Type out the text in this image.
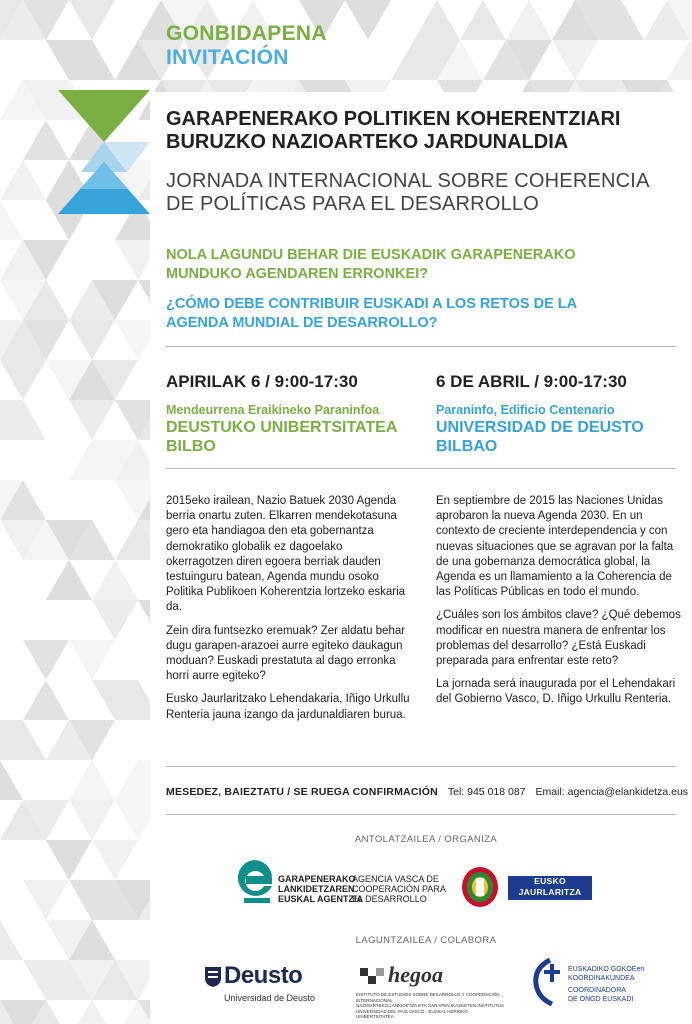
GONBIDAPENA
INVITACIÓN
GARAPENERAKO POLITIKEN KOHERENTZIARI
BURUZKO NAZIOARTEKO JARDUNALDIA
JORNADA INTERNACIONAL SOBRE COHERENCIA
DE POLÍTICAS PARA EL DESARROLLO
NOLA LAGUNDU BEHAR DIE EUSKADIK GARAPENERAKO
MUNDUKO AGENDAREN ERRONKEI?
¿CÓMO DEBE CONTRIBUIR EUSKADI A LOS RETOS DE LA
AGENDA MUNDIAL DE DESARROLLO?
APIRILAK 6 / 9:00-17:30	6 DE ABRIL / 9:00-17:30
Mendeurrena Eraikineko Paraninfoa	Paraninfo, Edificio Centenario
DEUSTUKO UNIBERTSITATEA
BILBO
UNIVERSIDAD DE DEUSTO
BILBAO

2015eko irailean, Nazio Batuek 2030 Agenda berria onartu zuten. Elkarren mendekotasuna gero eta handiagoa den eta gobernantza demokratiko globalik ez dagoelako okerragotzen diren egoera berriak dauden testuinguru batean, Agenda mundu osoko Politika Publikoen Koherentzia lortzeko eskaria da.

Zein dira funtsezko eremuak? Zer aldatu behar dugu garapen-arazoei aurre egiteko daukagun moduan? Euskadi prestatuta al dago erronka horri aurre egiteko?

Eusko Jaurlaritzako Lehendakaria, Iñigo Urkullu Renteria jauna izango da jardunaldiaren burua.

En septiembre de 2015 las Naciones Unidas aprobaron la nueva Agenda 2030. En un contexto de creciente interdependencia y con nuevas situaciones que se agravan por la falta de una gobernanza democrática global, la Agenda es un llamamiento a la Coherencia de las Políticas Públicas en todo el mundo.

¿Cuáles son los ámbitos clave? ¿Qué debemos modificar en nuestra manera de enfrentar los problemas del desarrollo? ¿Está Euskadi preparada para enfrentar este reto?

La jornada será inaugurada por el Lehendakari del Gobierno Vasco, D. Iñigo Urkullu Renteria.

MESEDEZ, BAIEZTATU / SE RUEGA CONFIRMACIÓN Tel: 945 018 087 Email: agencia@elankidetza.eus
ANTOLATZAILEA / ORGANIZA
GARAPENERAKO
LANKIDETZAREN
EUSKAL AGENTZIA
AGENCIA VASCA DE
COOPERACIÓN PARA
EL DESARROLLO
EUSKO JAURLARITZA
GOBIERNO VASCO
LAGUNTZAILEA / COLABORA
Deusto
Universidad de Deusto
hegoa
INSTITUTO DE ESTUDIOS SOBRE DESARROLLO Y COOPERACIÓN INTERNACIONAL
NAZIOARTEKO LANKIDETZA ETA GARAPEN IKASKETEN INSTITUTUA
UNIVERSIDAD DEL PAÍS VASCO · EUSKAL HERRIKO UNIBERTSITATEA
EUSKADIKO GGKOEen
KOORDINAKUNDEA
COORDINADORA
DE ONGD EUSKADI
